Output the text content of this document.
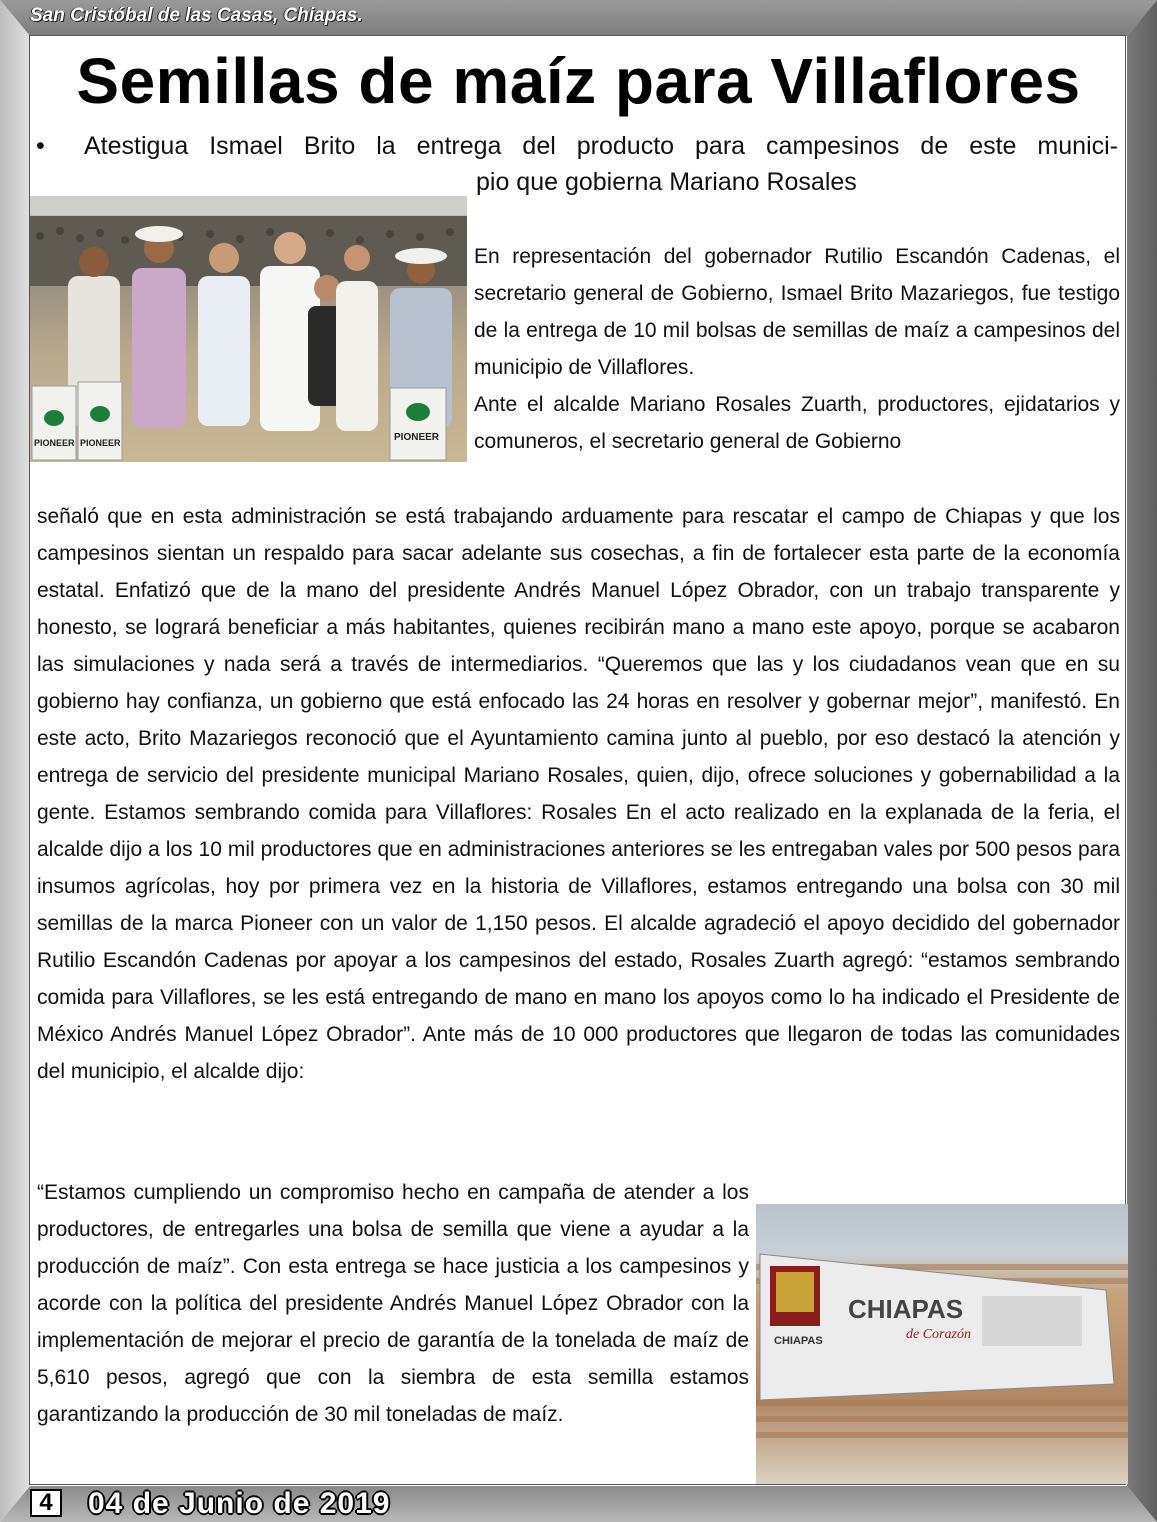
San Cristóbal de las Casas, Chiapas.
Semillas de maíz para Villaflores
• Atestigua Ismael Brito la entrega del producto para campesinos de este munici-
pio que gobierna Mariano Rosales
PIONEER PIONEER	PIONEER
CHIAPAS
CHIAPAS
de Corazón

En representación del gobernador Rutilio Escandón Cadenas, el secretario general de Gobierno, Ismael Brito Mazariegos, fue testigo de la entrega de 10 mil bolsas de semillas de maíz a campesinos del municipio de Villaflores.

Ante el alcalde Mariano Rosales Zuarth, productores, ejidatarios y comuneros, el secretario general de Gobierno

señaló que en esta administración se está trabajando arduamente para rescatar el campo de Chiapas y que los campesinos sientan un respaldo para sacar adelante sus cosechas, a fin de fortalecer esta parte de la economía estatal. Enfatizó que de la mano del presidente Andrés Manuel López Obrador, con un trabajo transparente y honesto, se logrará beneficiar a más habitantes, quienes recibirán mano a mano este apoyo, porque se acabaron las simulaciones y nada será a través de intermediarios. “Queremos que las y los ciudadanos vean que en su gobierno hay confianza, un gobierno que está enfocado las 24 horas en resolver y gobernar mejor”, manifestó. En este acto, Brito Mazariegos reconoció que el Ayuntamiento camina junto al pueblo, por eso destacó la atención y entrega de servicio del presidente municipal Mariano Rosales, quien, dijo, ofrece soluciones y gobernabilidad a la gente. Estamos sembrando comida para Villaflores: Rosales En el acto realizado en la explanada de la feria, el alcalde dijo a los 10 mil productores que en administraciones anteriores se les entregaban vales por 500 pesos para insumos agrícolas, hoy por primera vez en la historia de Villaflores, estamos entregando una bolsa con 30 mil semillas de la marca Pioneer con un valor de 1,150 pesos. El alcalde agradeció el apoyo decidido del gobernador Rutilio Escandón Cadenas por apoyar a los campesinos del estado, Rosales Zuarth agregó: “estamos sembrando comida para Villaflores, se les está entregando de mano en mano los apoyos como lo ha indicado el Presidente de México Andrés Manuel López Obrador”. Ante más de 10 000 productores que llegaron de todas las comunidades del municipio, el alcalde dijo:

“Estamos cumpliendo un compromiso hecho en campaña de atender a los productores, de entregarles una bolsa de semilla que viene a ayudar a la producción de maíz”. Con esta entrega se hace justicia a los campesinos y acorde con la política del presidente Andrés Manuel López Obrador con la implementación de mejorar el precio de garantía de la tonelada de maíz de 5,610 pesos, agregó que con la siembra de esta semilla estamos garantizando la producción de 30 mil toneladas de maíz.

4	04 de Junio de 2019
